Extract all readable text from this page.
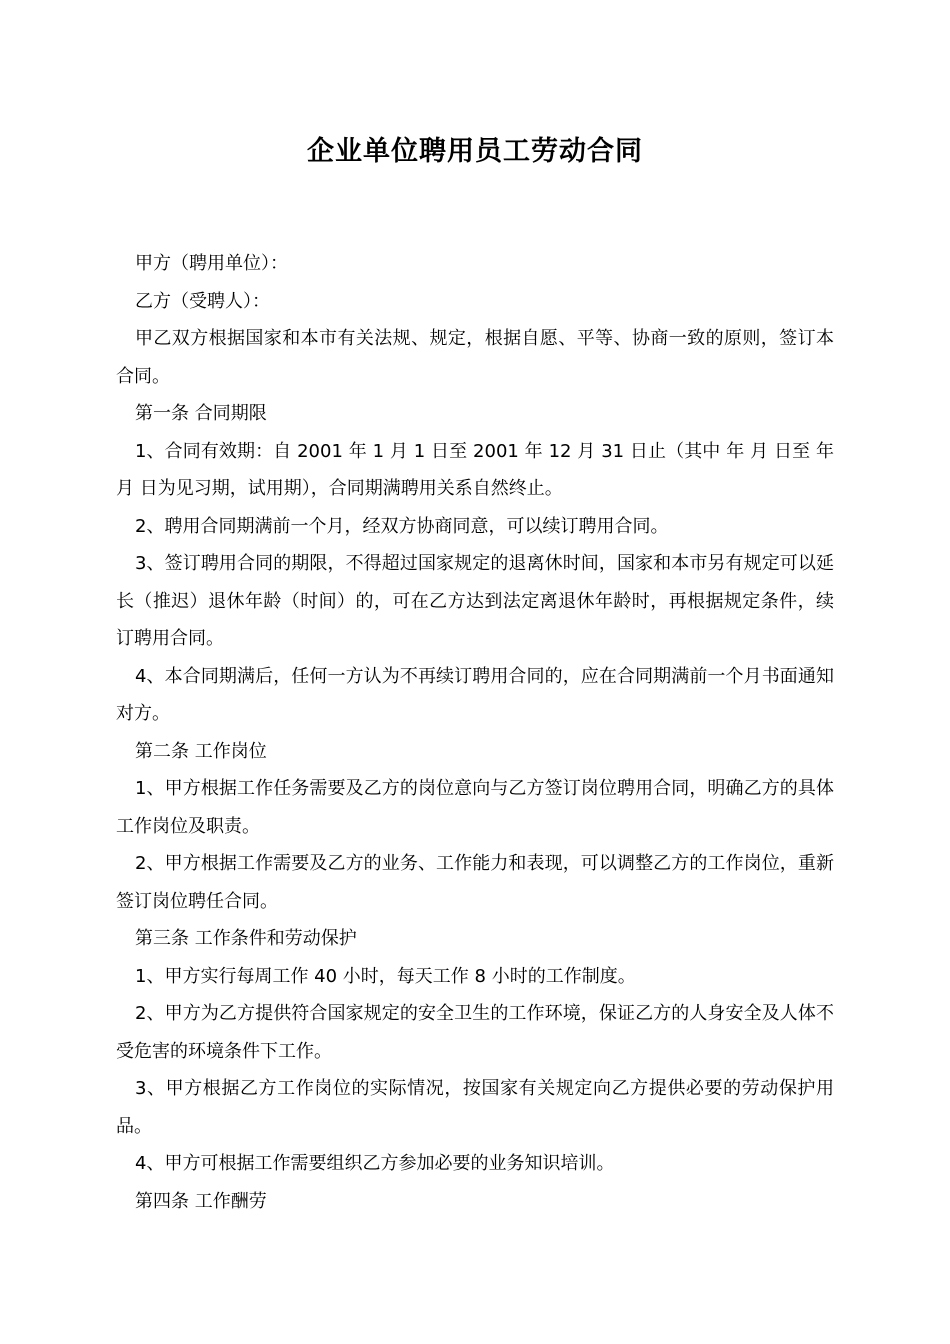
企业单位聘用员工劳动合同

甲方（聘用单位）：

乙方（受聘人）：

甲乙双方根据国家和本市有关法规、规定，根据自愿、平等、协商一致的原则，签订本合同。

第一条 合同期限

1、合同有效期：自 2001 年 1 月 1 日至 2001 年 12 月 31 日止（其中 年 月 日至 年 月 日为见习期，试用期），合同期满聘用关系自然终止。

2、聘用合同期满前一个月，经双方协商同意，可以续订聘用合同。

3、签订聘用合同的期限，不得超过国家规定的退离休时间，国家和本市另有规定可以延长（推迟）退休年龄（时间）的，可在乙方达到法定离退休年龄时，再根据规定条件，续订聘用合同。

4、本合同期满后，任何一方认为不再续订聘用合同的，应在合同期满前一个月书面通知对方。

第二条 工作岗位

1、甲方根据工作任务需要及乙方的岗位意向与乙方签订岗位聘用合同，明确乙方的具体工作岗位及职责。

2、甲方根据工作需要及乙方的业务、工作能力和表现，可以调整乙方的工作岗位，重新签订岗位聘任合同。

第三条 工作条件和劳动保护

1、甲方实行每周工作 40 小时，每天工作 8 小时的工作制度。

2、甲方为乙方提供符合国家规定的安全卫生的工作环境，保证乙方的人身安全及人体不受危害的环境条件下工作。

3、甲方根据乙方工作岗位的实际情况，按国家有关规定向乙方提供必要的劳动保护用品。

4、甲方可根据工作需要组织乙方参加必要的业务知识培训。

第四条 工作酬劳
